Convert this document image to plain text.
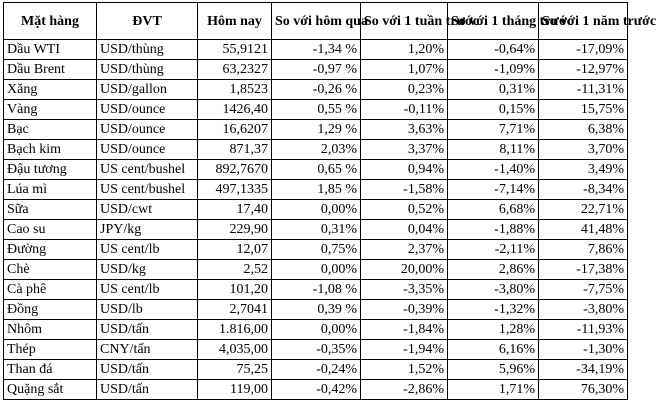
Mặt hàng	ĐVT	Hôm nay	So với hôm qua	So với 1 tuần trước	So với 1 tháng trước	So với 1 năm trước
Dầu WTI	USD/thùng	55,9121	-1,34 %	1,20%	-0,64%	-17,09%
Dầu Brent	USD/thùng	63,2327	-0,97 %	1,07%	-1,09%	-12,97%
Xăng	USD/gallon	1,8523	-0,26 %	0,23%	0,31%	-11,31%
Vàng	USD/ounce	1426,40	0,55 %	-0,11%	0,15%	15,75%
Bạc	USD/ounce	16,6207	1,29 %	3,63%	7,71%	6,38%
Bạch kim	USD/ounce	871,37	2,03%	3,37%	8,11%	3,70%
Đậu tương	US cent/bushel	892,7670	0,65 %	0,94%	-1,40%	3,49%
Lúa mì	US cent/bushel	497,1335	1,85 %	-1,58%	-7,14%	-8,34%
Sữa	USD/cwt	17,40	0,00%	0,52%	6,68%	22,71%
Cao su	JPY/kg	229,90	0,31%	0,04%	-1,88%	41,48%
Đường	US cent/lb	12,07	0,75%	2,37%	-2,11%	7,86%
Chè	USD/kg	2,52	0,00%	20,00%	2,86%	-17,38%
Cà phê	US cent/lb	101,20	-1,08 %	-3,35%	-3,80%	-7,75%
Đồng	USD/lb	2,7041	0,39 %	-0,39%	-1,32%	-3,80%
Nhôm	USD/tấn	1.816,00	0,00%	-1,84%	1,28%	-11,93%
Thép	CNY/tấn	4,035,00	-0,35%	-1,94%	6,16%	-1,30%
Than đá	USD/tấn	75,25	-0,24%	1,52%	5,96%	-34,19%
Quặng sắt	USD/tấn	119,00	-0,42%	-2,86%	1,71%	76,30%
